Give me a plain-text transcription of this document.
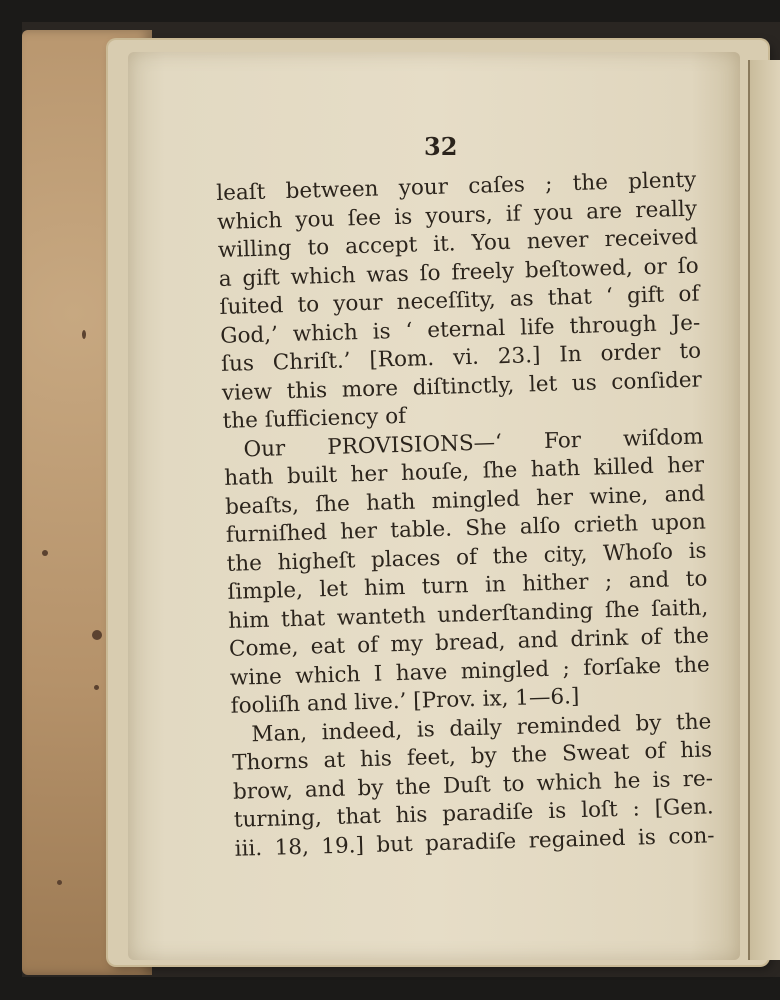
32
leaſt between your caſes ; the plenty
which you ſee is yours, if you are really
willing to accept it. You never received
a gift which was ſo freely beſtowed, or ſo
ſuited to your neceſſity, as that ‘ gift of
God,’ which is ‘ eternal life through Je-
ſus Chriſt.’ [Rom. vi. 23.] In order to
view this more diſtinctly, let us conſider
the ſufficiency of
Our PROVISIONS—‘ For wiſdom
hath built her houſe, ſhe hath killed her
beaſts, ſhe hath mingled her wine, and
furniſhed her table. She alſo crieth upon
the higheſt places of the city, Whoſo is
ſimple, let him turn in hither ; and to
him that wanteth underſtanding ſhe ſaith,
Come, eat of my bread, and drink of the
wine which I have mingled ; forſake the
fooliſh and live.’ [Prov. ix, 1—6.]
Man, indeed, is daily reminded by the
Thorns at his feet, by the Sweat of his
brow, and by the Duſt to which he is re-
turning, that his paradiſe is loſt : [Gen.
iii. 18, 19.] but paradiſe regained is con-
